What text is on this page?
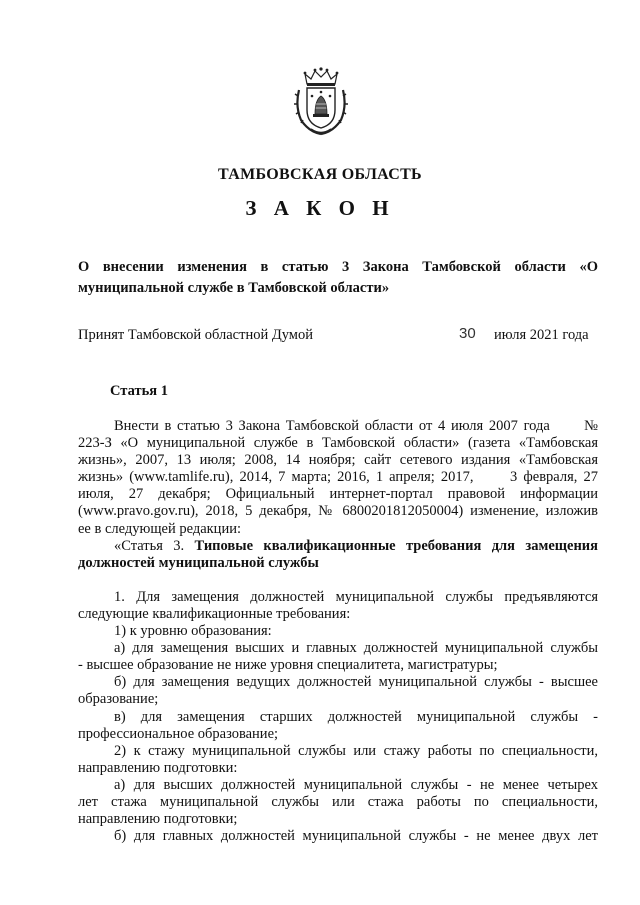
ТАМБОВСКАЯ ОБЛАСТЬ
З А К О Н
О внесении изменения в статью 3 Закона Тамбовской области «О
муниципальной службе в Тамбовской области»
Принят Тамбовской областной Думой	30 июля 2021 года
Статья 1
Внести в статью 3 Закона Тамбовской области от 4 июля 2007 года      №
223-З «О муниципальной службе в Тамбовской области» (газета «Тамбовская
жизнь», 2007, 13 июля; 2008, 14 ноября; сайт сетевого издания «Тамбовская
жизнь» (www.tamlife.ru), 2014, 7 марта; 2016, 1 апреля; 2017,      3 февраля, 27
июля, 27 декабря; Официальный интернет-портал правовой информации
(www.pravo.gov.ru), 2018, 5 декабря, № 6800201812050004) изменение, изложив
ее в следующей редакции:
«Статья 3. Типовые квалификационные требования для замещения
должностей муниципальной службы
1. Для замещения должностей муниципальной службы предъявляются
следующие квалификационные требования:
1) к уровню образования:
а) для замещения высших и главных должностей муниципальной службы
- высшее образование не ниже уровня специалитета, магистратуры;
б) для замещения ведущих должностей муниципальной службы - высшее
образование;
в)  для  замещения  старших  должностей  муниципальной  службы  -
профессиональное образование;
2) к стажу муниципальной службы или стажу работы по специальности,
направлению подготовки:
а) для высших должностей муниципальной службы - не менее четырех
лет стажа муниципальной службы или стажа работы по специальности,
направлению подготовки;
б) для главных должностей муниципальной службы - не менее двух лет
